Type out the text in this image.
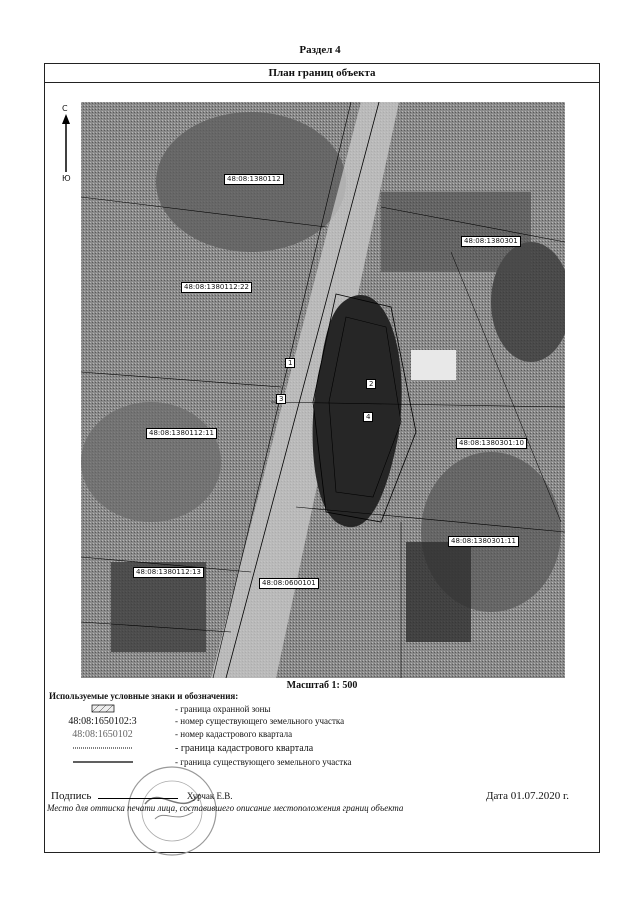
Раздел 4
План границ объекта
С
Ю	48:08:1380112
48:08:1380301
48:08:1380112:22
48:08:1380112:11
48:08:1380301:10
48:08:1380301:11
48:08:1380112:13
48:08:0600101
1
2
3
4
Масштаб 1: 500
Используемые условные знаки и обозначения:
- граница охранной зоны
48:08:1650102:3	- номер существующего земельного участка
48:08:1650102	- номер кадастрового квартала
- граница кадастрового квартала
- граница существующего земельного участка
Подпись	Хурчак Е.В.	Дата 01.07.2020 г.
Место для оттиска печати лица, составившего описание местоположения границ объекта
